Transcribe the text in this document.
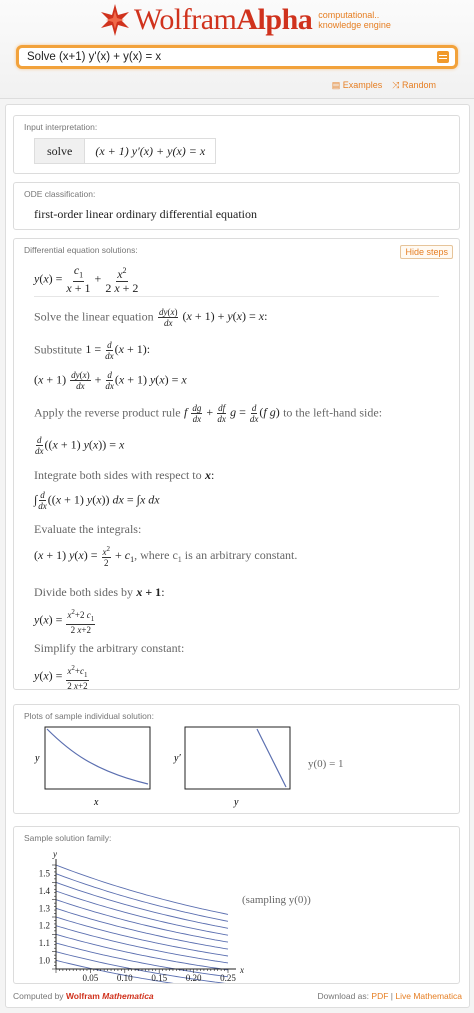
WolframAlpha computational..
knowledge engine
Solve (x+1) y'(x) + y(x) = x
▤ Examples ⤨ Random
Input interpretation:
solve	(x + 1) y′(x) + y(x) = x
ODE classification:
first-order linear ordinary differential equation
Differential equation solutions:	Hide steps
$y(x) = \frac{c_1}{x + 1} + \frac{x^2}{2 x + 2}$
Solve the linear equation $\frac{dy(x)}{dx} (x + 1) + y(x) = x$:
Substitute $1 = \frac{d}{dx} (x + 1)$:
$(x + 1) \frac{dy(x)}{dx} + \frac{d}{dx} (x + 1) y(x) = x$
Apply the reverse product rule f $\frac{dg}{dx} + \frac{df}{dx}$ $g = \frac{d}{dx} (f$ g) to the left-hand side:
$\frac{d}{dx} ((x + 1) y(x)) = x$
Integrate both sides with respect to x:
∫ $\frac{d}{dx} ((x + 1)$ y(x)) dx = ∫x dx
Evaluate the integrals:
(x + 1) $y(x) = \frac{x^2}{2} + c_1$, where $c_1$ is an arbitrary constant.
Divide both sides by x + 1:
$y(x) = \frac{x^2+2 c_1}{2 x+2}$
Simplify the arbitrary constant:
$y(x) = \frac{x^2+c_1}{2 x+2}$
Plots of sample individual solution:
y
x
y′
y
y(0) = 1
Sample solution family:
0.05 0.10 0.15 0.20 0.25
1.0
1.1
1.2
1.3
1.4
1.5
x
y
(sampling y(0))
Computed by Wolfram Mathematica	Download as: PDF | Live Mathematica
